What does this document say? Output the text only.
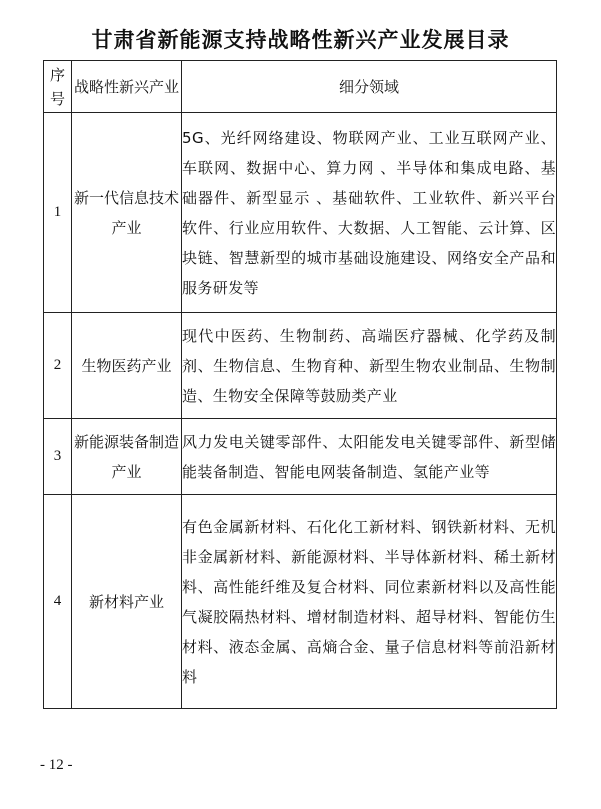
甘肃省新能源支持战略性新兴产业发展目录
序号	战略性新兴产业	细分领域
1	新一代信息技术产业	5G、光纤网络建设、物联网产业、工业互联网产业、车联网、数据中心、算力网 、半导体和集成电路、基础器件、新型显示 、基础软件、工业软件、新兴平台软件、行业应用软件、大数据、人工智能、云计算、区块链、智慧新型的城市基础设施建设、网络安全产品和服务研发等
2	生物医药产业	现代中医药、生物制药、高端医疗器械、化学药及制剂、生物信息、生物育种、新型生物农业制品、生物制造、生物安全保障等鼓励类产业
3	新能源装备制造产业	风力发电关键零部件、太阳能发电关键零部件、新型储能装备制造、智能电网装备制造、氢能产业等
4	新材料产业	有色金属新材料、石化化工新材料、钢铁新材料、无机非金属新材料、新能源材料、半导体新材料、稀土新材料、高性能纤维及复合材料、同位素新材料以及高性能气凝胶隔热材料、增材制造材料、超导材料、智能仿生材料、液态金属、高熵合金、量子信息材料等前沿新材料
- 12 -
